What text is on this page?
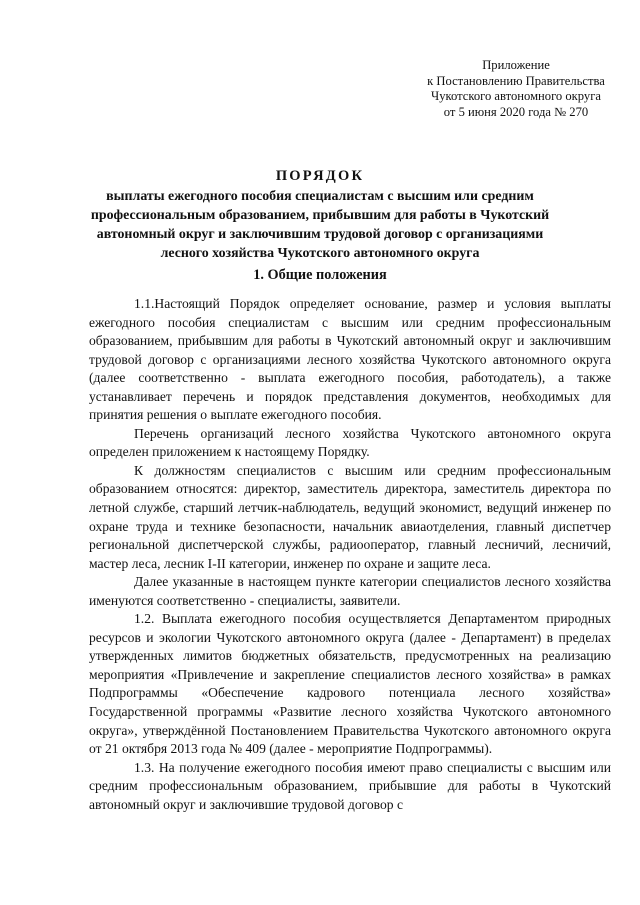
Приложение
к Постановлению Правительства
Чукотского автономного округа
от 5 июня 2020 года № 270
ПОРЯДОК
выплаты ежегодного пособия специалистам с высшим или средним профессиональным образованием, прибывшим для работы в Чукотский автономный округ и заключившим трудовой договор с организациями лесного хозяйства Чукотского автономного округа
1. Общие положения

1.1.Настоящий Порядок определяет основание, размер и условия выплаты ежегодного пособия специалистам с высшим или средним профессиональным образованием, прибывшим для работы в Чукотский автономный округ и заключившим трудовой договор с организациями лесного хозяйства Чукотского автономного округа (далее соответственно - выплата ежегодного пособия, работодатель), а также устанавливает перечень и порядок представления документов, необходимых для принятия решения о выплате ежегодного пособия.

Перечень организаций лесного хозяйства Чукотского автономного округа определен приложением к настоящему Порядку.

К должностям специалистов с высшим или средним профессиональным образованием относятся: директор, заместитель директора, заместитель директора по летной службе, старший летчик-наблюдатель, ведущий экономист, ведущий инженер по охране труда и технике безопасности, начальник авиаотделения, главный диспетчер региональной диспетчерской службы, радиооператор, главный лесничий, лесничий, мастер леса, лесник I-II категории, инженер по охране и защите леса.

Далее указанные в настоящем пункте категории специалистов лесного хозяйства именуются соответственно - специалисты, заявители.

1.2. Выплата ежегодного пособия осуществляется Департаментом природных ресурсов и экологии Чукотского автономного округа (далее - Департамент) в пределах утвержденных лимитов бюджетных обязательств, предусмотренных на реализацию мероприятия «Привлечение и закрепление специалистов лесного хозяйства» в рамках Подпрограммы «Обеспечение кадрового потенциала лесного хозяйства» Государственной программы «Развитие лесного хозяйства Чукотского автономного округа», утверждённой Постановлением Правительства Чукотского автономного округа от 21 октября 2013 года № 409 (далее - мероприятие Подпрограммы).

1.3. На получение ежегодного пособия имеют право специалисты с высшим или средним профессиональным образованием, прибывшие для работы в Чукотский автономный округ и заключившие трудовой договор с
